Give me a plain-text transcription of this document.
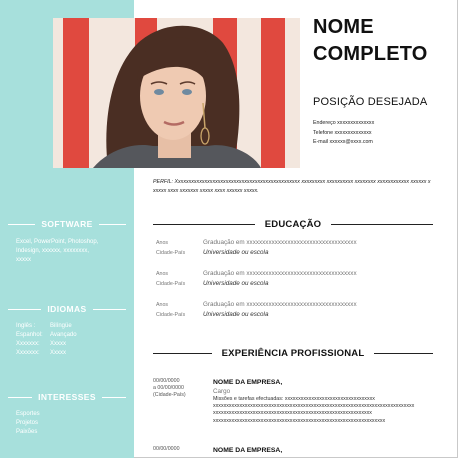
NOME
COMPLETO
POSIÇÃO DESEJADA
Endereço xxxxxxxxxxxxxx
Telefone xxxxxxxxxxxxxx
E-mail xxxxxx@xxxx.com
PERFIL: Xxxxxxxxxxxxxxxxxxxxxxxxxxxxxxxxxxxxxxxxxxxxxxx xxxxxxxxx xxxxxxxxxx xxxxxxxx xxxxxxxxxxxx xxxxxx xxxxxx xxxx xxxxxxx xxxxx xxxx xxxxxx xxxxx.
SOFTWARE
Excel, PowerPoint, Photoshop,
Indesign, xxxxxx, xxxxxxxx,
xxxxx
IDIOMAS
Inglês :	Bilíngüe
Espanhol:	Avançado
Xxxxxxx:	Xxxxx
Xxxxxxx:	Xxxxx
INTERESSES
Esportes
Projetos
Paixões
EDUCAÇÃO
Anos	Graduação em xxxxxxxxxxxxxxxxxxxxxxxxxxxxxxxxxxx
Cidade-País	Universidade ou escola
Anos	Graduação em xxxxxxxxxxxxxxxxxxxxxxxxxxxxxxxxxxx
Cidade-País	Universidade ou escola
Anos	Graduação em xxxxxxxxxxxxxxxxxxxxxxxxxxxxxxxxxxx
Cidade-País	Universidade ou escola
EXPERIÊNCIA PROFISSIONAL
00/00/0000
a 00/00/0000
(Cidade-País)
NOME DA EMPRESA,
Cargo
Missões e tarefas efectuadas: xxxxxxxxxxxxxxxxxxxxxxxxxxxxxxxxxx
xxxxxxxxxxxxxxxxxxxxxxxxxxxxxxxxxxxxxxxxxxxxxxxxxxxxxxxxxxxxxxxxxxxxxxxxxxxx
xxxxxxxxxxxxxxxxxxxxxxxxxxxxxxxxxxxxxxxxxxxxxxxxxxxxxxxxxxxx
xxxxxxxxxxxxxxxxxxxxxxxxxxxxxxxxxxxxxxxxxxxxxxxxxxxxxxxxxxxxxxxxx
00/00/0000	NOME DA EMPRESA,
